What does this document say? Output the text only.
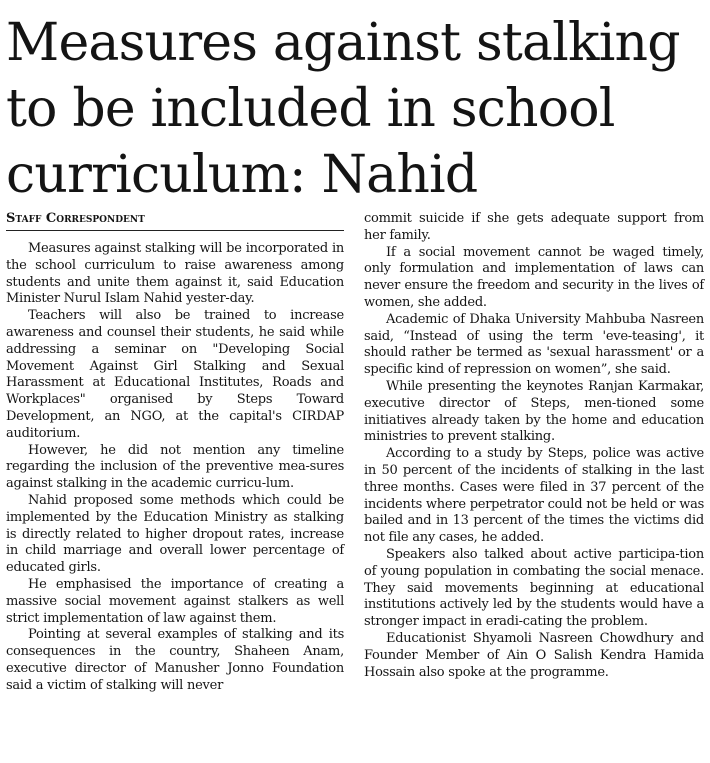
Measures against stalking
to be included in school
curriculum: Nahid
Staff Correspondent

Measures against stalking will be incorporated in the school curriculum to raise awareness among students and unite them against it, said Education Minister Nurul Islam Nahid yester-day.

Teachers will also be trained to increase awareness and counsel their students, he said while addressing a seminar on "Developing Social Movement Against Girl Stalking and Sexual Harassment at Educational Institutes, Roads and Workplaces" organised by Steps Toward Development, an NGO, at the capital's CIRDAP auditorium.

However, he did not mention any timeline regarding the inclusion of the preventive mea-sures against stalking in the academic curricu-lum.

Nahid proposed some methods which could be implemented by the Education Ministry as stalking is directly related to higher dropout rates, increase in child marriage and overall lower percentage of educated girls.

He emphasised the importance of creating a massive social movement against stalkers as well strict implementation of law against them.

Pointing at several examples of stalking and its consequences in the country, Shaheen Anam, executive director of Manusher Jonno Foundation said a victim of stalking will never

commit suicide if she gets adequate support from her family.

If a social movement cannot be waged timely, only formulation and implementation of laws can never ensure the freedom and security in the lives of women, she added.

Academic of Dhaka University Mahbuba Nasreen said, “Instead of using the term 'eve-teasing', it should rather be termed as 'sexual harassment' or a specific kind of repression on women”, she said.

While presenting the keynotes Ranjan Karmakar, executive director of Steps, men-tioned some initiatives already taken by the home and education ministries to prevent stalking.

According to a study by Steps, police was active in 50 percent of the incidents of stalking in the last three months. Cases were filed in 37 percent of the incidents where perpetrator could not be held or was bailed and in 13 percent of the times the victims did not file any cases, he added.

Speakers also talked about active participa-tion of young population in combating the social menace. They said movements beginning at educational institutions actively led by the students would have a stronger impact in eradi-cating the problem.

Educationist Shyamoli Nasreen Chowdhury and Founder Member of Ain O Salish Kendra Hamida Hossain also spoke at the programme.
